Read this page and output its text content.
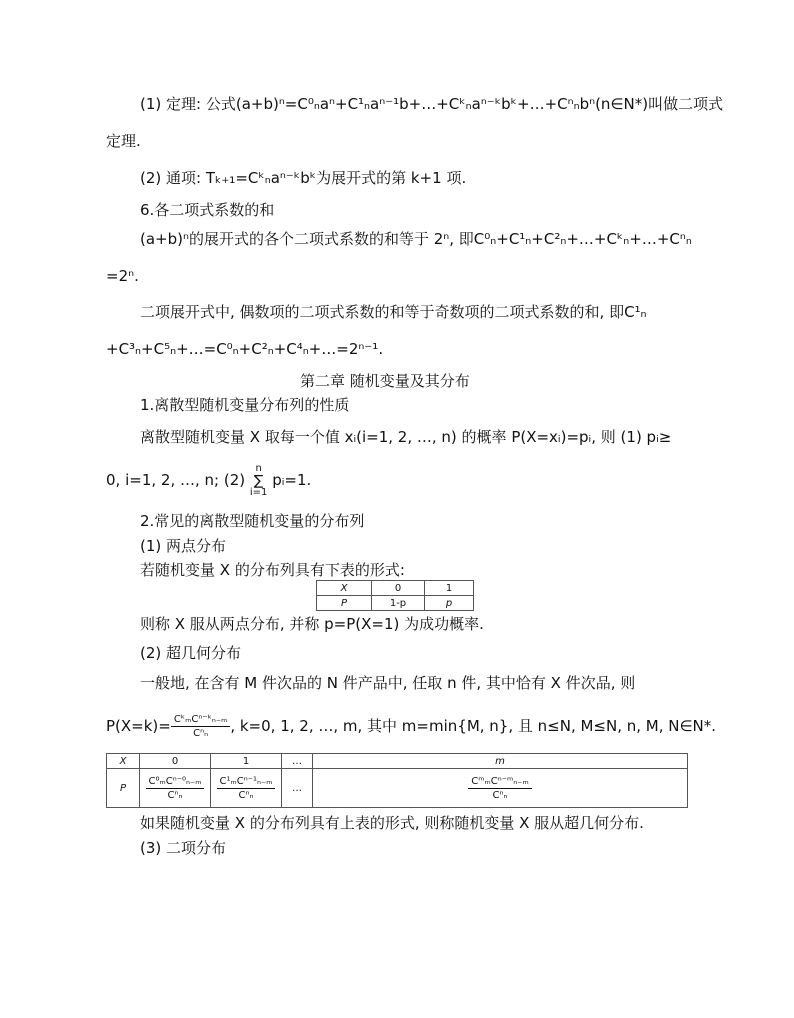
(1) 定理: 公式(a+b)ⁿ=C⁰ₙaⁿ+C¹ₙaⁿ⁻¹b+…+Cᵏₙaⁿ⁻ᵏbᵏ+…+Cⁿₙbⁿ(n∈N*)叫做二项式
定理.
(2) 通项: Tₖ₊₁=Cᵏₙaⁿ⁻ᵏbᵏ为展开式的第 k+1 项.
6.各二项式系数的和
(a+b)ⁿ的展开式的各个二项式系数的和等于 2ⁿ, 即C⁰ₙ+C¹ₙ+C²ₙ+…+Cᵏₙ+…+Cⁿₙ
=2ⁿ.
二项展开式中, 偶数项的二项式系数的和等于奇数项的二项式系数的和, 即C¹ₙ
+C³ₙ+C⁵ₙ+…=C⁰ₙ+C²ₙ+C⁴ₙ+…=2ⁿ⁻¹.
第二章 随机变量及其分布
1.离散型随机变量分布列的性质
离散型随机变量 X 取每一个值 xᵢ(i=1, 2, …, n) 的概率 P(X=xᵢ)=pᵢ, 则 (1) pᵢ≥
0, i=1, 2, …, n; (2)
n
∑
i=1
pᵢ=1.
2.常见的离散型随机变量的分布列
(1) 两点分布
若随机变量 X 的分布列具有下表的形式:
X	0	1
P	1-p	p
则称 X 服从两点分布, 并称 p=P(X=1) 为成功概率.
(2) 超几何分布
一般地, 在含有 M 件次品的 N 件产品中, 任取 n 件, 其中恰有 X 件次品, 则
$P(X=k)= \frac{\text{CᵏₘCⁿ⁻ᵏₙ₋ₘ}}{\text{Cⁿₙ}}$ , k=0, 1, 2, …, m, 其中 m=min{M, n}, 且 n≤N, M≤N, n, M, N∈N*.
X	0	1	…	m
P	$\frac{\text{C⁰ₘCⁿ⁻⁰ₙ₋ₘ}}{\text{Cⁿₙ}}$	$\frac{\text{C¹ₘCⁿ⁻¹ₙ₋ₘ}}{\text{Cⁿₙ}}$	…	$\frac{\text{CᵐₘCⁿ⁻ᵐₙ₋ₘ}}{\text{Cⁿₙ}}$
如果随机变量 X 的分布列具有上表的形式, 则称随机变量 X 服从超几何分布.
(3) 二项分布
